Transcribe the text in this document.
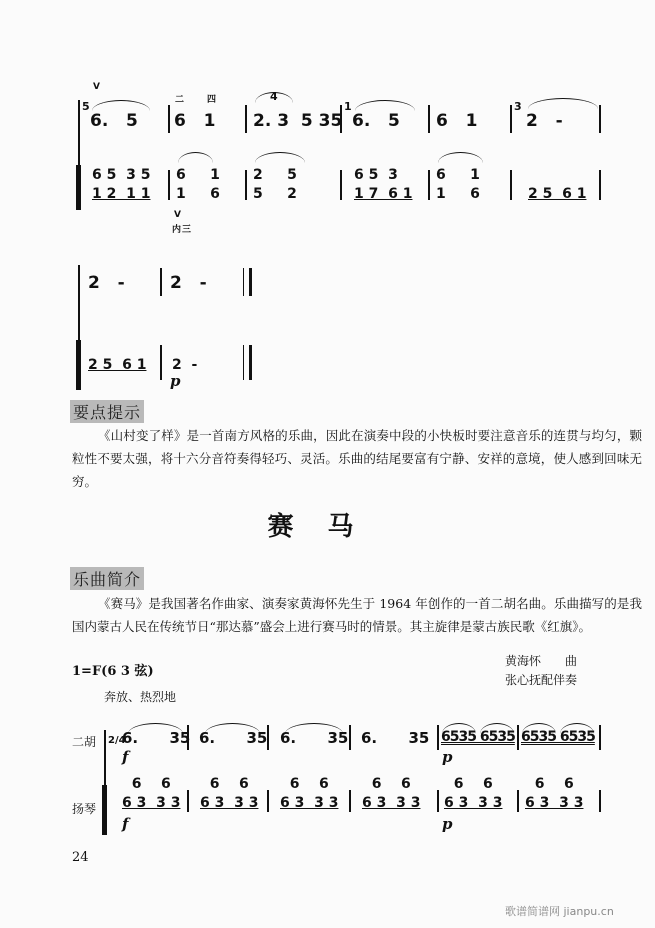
V
二	四	4
5	1	3
6.   5 6   1 2. 3  5 35 6.   5 6   1	2   -
6 5  3 5 6     1 2     5	6 5  3	6     1
1 2  1 1 1     6 5     2	1 7  6 1 1     6	2 5  6 1
V
内 三
2   -	2   -
2 5  6 1 2  -
p
要点提示
《山村变了样》是一首南方风格的乐曲，因此在演奏中段的小快板时要注意音乐的连贯与均匀，颗粒性不要太强，将十六分音符奏得轻巧、灵活。乐曲的结尾要富有宁静、安祥的意境，使人感到回味无穷。
赛马
乐曲简介
《赛马》是我国著名作曲家、演奏家黄海怀先生于 1964 年创作的一首二胡名曲。乐曲描写的是我国内蒙古人民在传统节日“那达慕”盛会上进行赛马时的情景。其主旋律是蒙古族民歌《红旗》。
1=F(6 3 弦)
黄海怀　　曲
张心抚配伴奏
奔放、热烈地
二胡
扬琴
2/4
6.      35 6.      35 6.      35 6.      35 6535 6535 6535 6535
6    6 6    6 6    6 6    6 6    6 6    6
6 3  3 3 6 3  3 3 6 3  3 3 6 3  3 3 6 3  3 3 6 3  3 3
f	p
f	p
24
歌谱简谱网 jianpu.cn
